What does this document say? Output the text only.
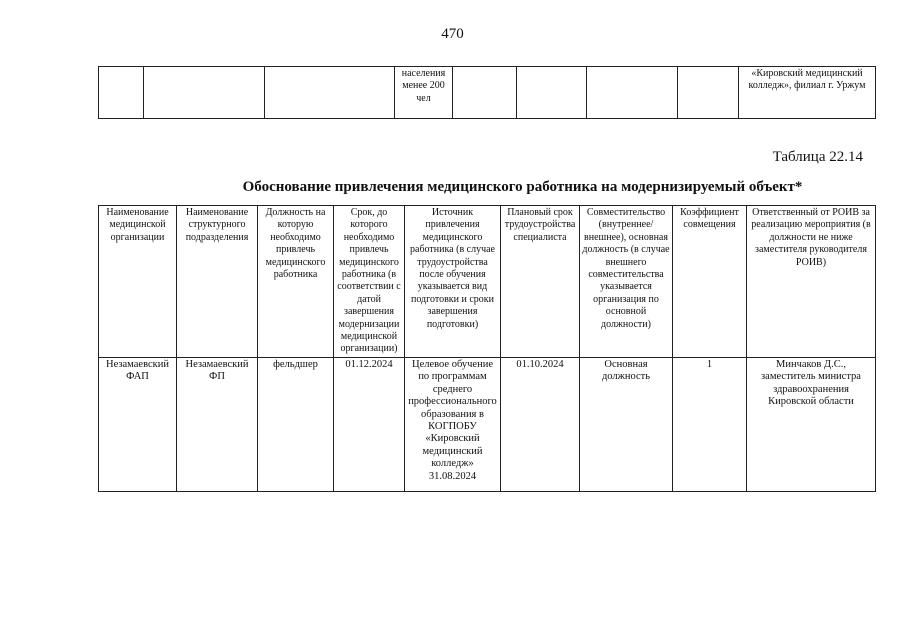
470
			населения менее 200 чел					«Кировский медицинский колледж», филиал г. Уржум
Таблица 22.14
Обоснование привлечения медицинского работника на модернизируемый объект*
Наименование медицинской организации	Наименование структурного подразделения	Должность на которую необходимо привлечь медицинского работника	Срок, до которого необходимо привлечь медицинского работника (в соответствии с датой завершения модернизации медицинской организации)	Источник привлечения медицинского работника (в случае трудоустройства после обучения указывается вид подготовки и сроки завершения подготовки)	Плановый срок трудоустройства специалиста	Совместительство (внутреннее/внешнее), основная должность (в случае внешнего совместительства указывается организация по основной должности)	Коэффициент совмещения	Ответственный от РОИВ за реализацию мероприятия (в должности не ниже заместителя руководителя РОИВ)
Незамаевский ФАП	Незамаевский ФП	фельдшер	01.12.2024	Целевое обучение по программам среднего профессионального образования в КОГПОБУ «Кировский медицинский колледж» 31.08.2024	01.10.2024	Основная должность	1	Минчаков Д.С., заместитель министра здравоохранения Кировской области
